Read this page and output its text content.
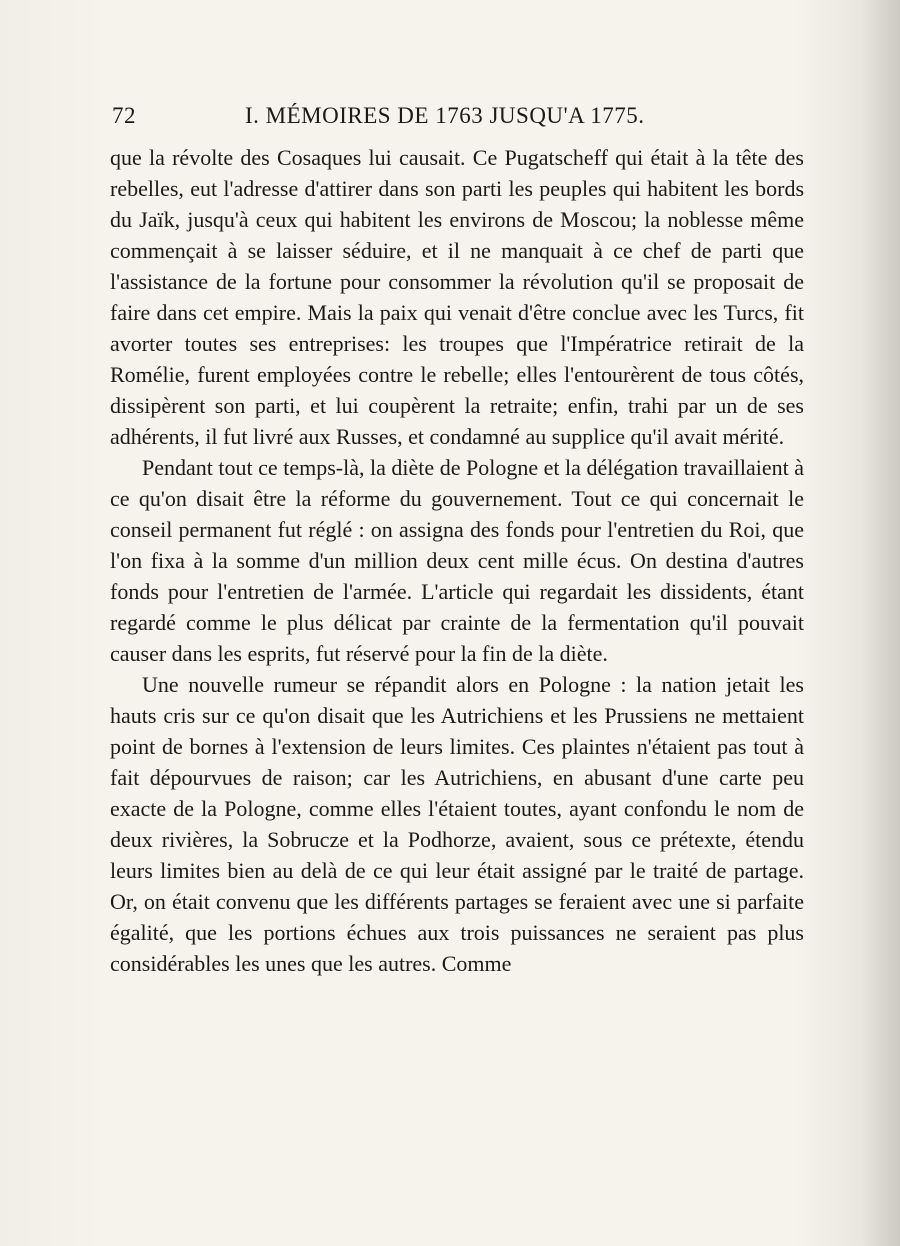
72	I. MÉMOIRES DE 1763 JUSQU'A 1775.

que la révolte des Cosaques lui causait. Ce Pugatscheff qui était à la tête des rebelles, eut l'adresse d'attirer dans son parti les peuples qui habitent les bords du Jaïk, jusqu'à ceux qui habitent les environs de Moscou; la noblesse même commençait à se laisser séduire, et il ne manquait à ce chef de parti que l'assistance de la fortune pour consommer la révolution qu'il se proposait de faire dans cet empire. Mais la paix qui venait d'être conclue avec les Turcs, fit avorter toutes ses entreprises: les troupes que l'Impératrice retirait de la Romélie, furent employées contre le rebelle; elles l'entourèrent de tous côtés, dissipèrent son parti, et lui coupèrent la retraite; enfin, trahi par un de ses adhérents, il fut livré aux Russes, et condamné au supplice qu'il avait mérité.

Pendant tout ce temps-là, la diète de Pologne et la délégation travaillaient à ce qu'on disait être la réforme du gouvernement. Tout ce qui concernait le conseil permanent fut réglé : on assigna des fonds pour l'entretien du Roi, que l'on fixa à la somme d'un million deux cent mille écus. On destina d'autres fonds pour l'entretien de l'armée. L'article qui regardait les dissidents, étant regardé comme le plus délicat par crainte de la fermentation qu'il pouvait causer dans les esprits, fut réservé pour la fin de la diète.

Une nouvelle rumeur se répandit alors en Pologne : la nation jetait les hauts cris sur ce qu'on disait que les Autrichiens et les Prussiens ne mettaient point de bornes à l'extension de leurs limites. Ces plaintes n'étaient pas tout à fait dépourvues de raison; car les Autrichiens, en abusant d'une carte peu exacte de la Pologne, comme elles l'étaient toutes, ayant confondu le nom de deux rivières, la Sobrucze et la Podhorze, avaient, sous ce prétexte, étendu leurs limites bien au delà de ce qui leur était assigné par le traité de partage. Or, on était convenu que les différents partages se feraient avec une si parfaite égalité, que les portions échues aux trois puissances ne seraient pas plus considérables les unes que les autres. Comme
